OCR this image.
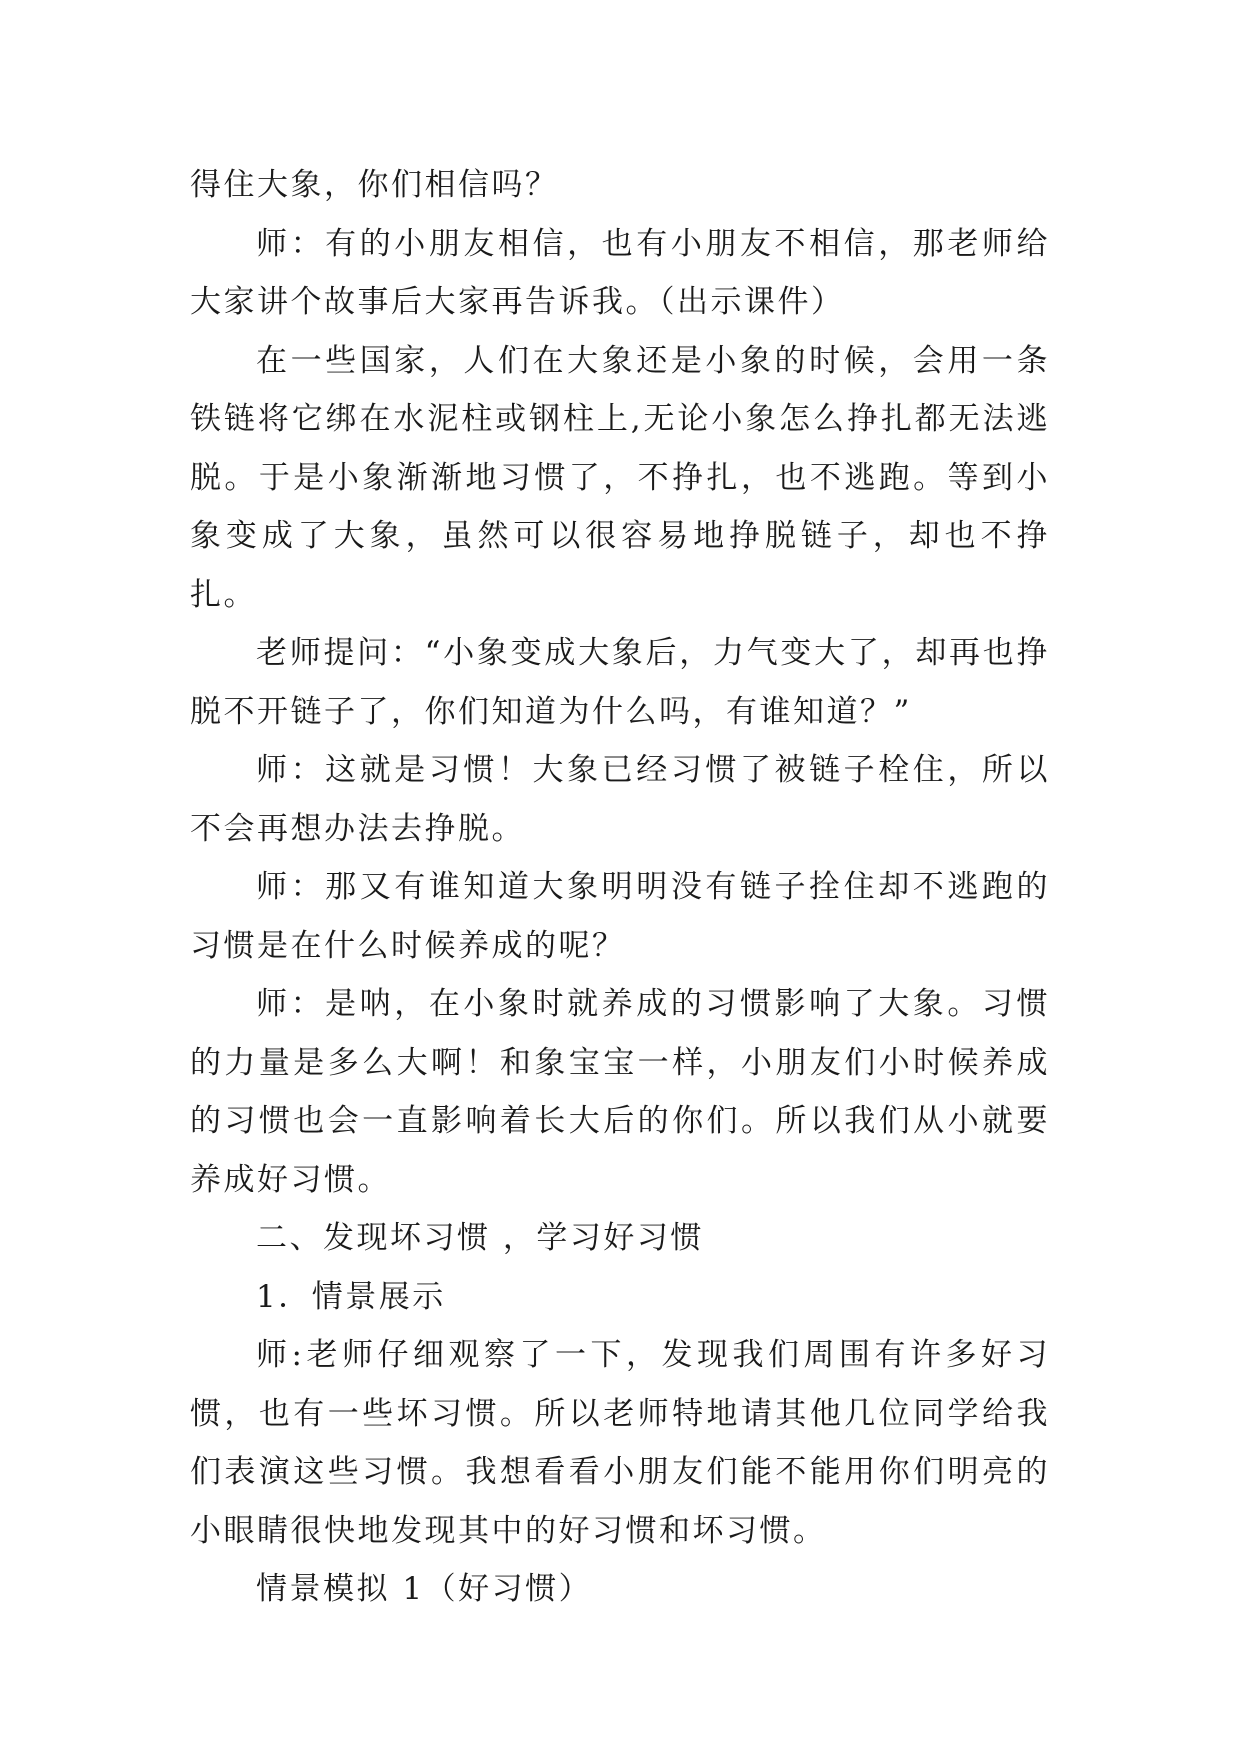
得住大象，你们相信吗？

师：有的小朋友相信，也有小朋友不相信，那老师给大家讲个故事后大家再告诉我。（出示课件）

在一些国家，人们在大象还是小象的时候，会用一条铁链将它绑在水泥柱或钢柱上,无论小象怎么挣扎都无法逃脱。于是小象渐渐地习惯了，不挣扎，也不逃跑。等到小象变成了大象，虽然可以很容易地挣脱链子，却也不挣扎。

老师提问：“小象变成大象后，力气变大了，却再也挣脱不开链子了，你们知道为什么吗，有谁知道？”

师：这就是习惯！大象已经习惯了被链子栓住，所以不会再想办法去挣脱。

师：那又有谁知道大象明明没有链子拴住却不逃跑的习惯是在什么时候养成的呢？

师：是呐，在小象时就养成的习惯影响了大象。习惯的力量是多么大啊！和象宝宝一样，小朋友们小时候养成的习惯也会一直影响着长大后的你们。所以我们从小就要养成好习惯。

二、发现坏习惯 ，学习好习惯

1．情景展示

师:老师仔细观察了一下，发现我们周围有许多好习惯，也有一些坏习惯。所以老师特地请其他几位同学给我们表演这些习惯。我想看看小朋友们能不能用你们明亮的小眼睛很快地发现其中的好习惯和坏习惯。

情景模拟 1（好习惯）
